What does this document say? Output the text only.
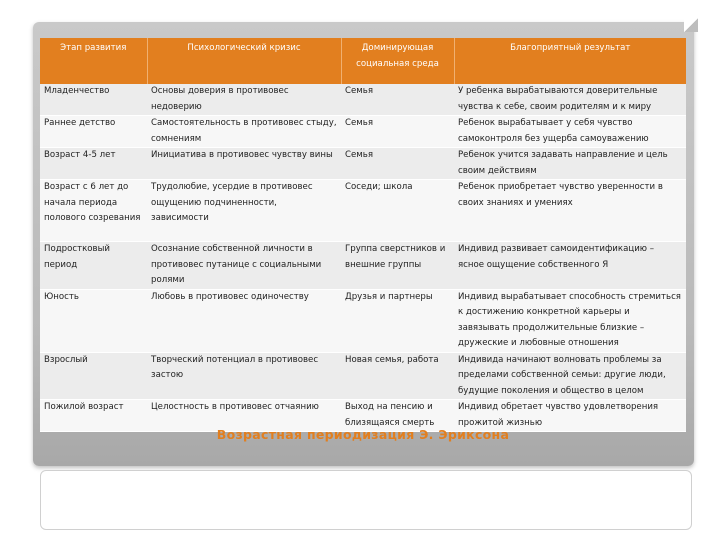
Этап развития	Психологический кризис	Доминирующая социальная среда	Благоприятный результат
Младенчество	Основы доверия в противовес недоверию	Семья	У ребенка вырабатываются доверительные чувства к себе, своим родителям и к миру
Раннее детство	Самостоятельность в противовес стыду, сомнениям	Семья	Ребенок вырабатывает у себя чувство самоконтроля без ущерба самоуважению
Возраст 4-5 лет	Инициатива в противовес чувству вины	Семья	Ребенок учится задавать направление и цель своим действиям
Возраст с 6 лет до начала периода полового созревания	Трудолюбие, усердие в противовес ощущению подчиненности, зависимости	Соседи; школа	Ребенок приобретает чувство уверенности в своих знаниях и умениях
Подростковый период	Осознание собственной личности в противовес путанице с социальными ролями	Группа сверстников и внешние группы	Индивид развивает самоидентификацию – ясное ощущение собственного Я
Юность	Любовь в противовес одиночеству	Друзья и партнеры	Индивид вырабатывает способность стремиться к достижению конкретной карьеры и завязывать продолжительные близкие – дружеские и любовные отношения
Взрослый	Творческий потенциал в противовес застою	Новая семья, работа	Индивида начинают волновать проблемы за пределами собственной семьи: другие люди, будущие поколения и общество в целом
Пожилой возраст	Целостность в противовес отчаянию	Выход на пенсию и близящаяся смерть	Индивид обретает чувство удовлетворения прожитой жизнью
Возрастная периодизация Э. Эриксона
